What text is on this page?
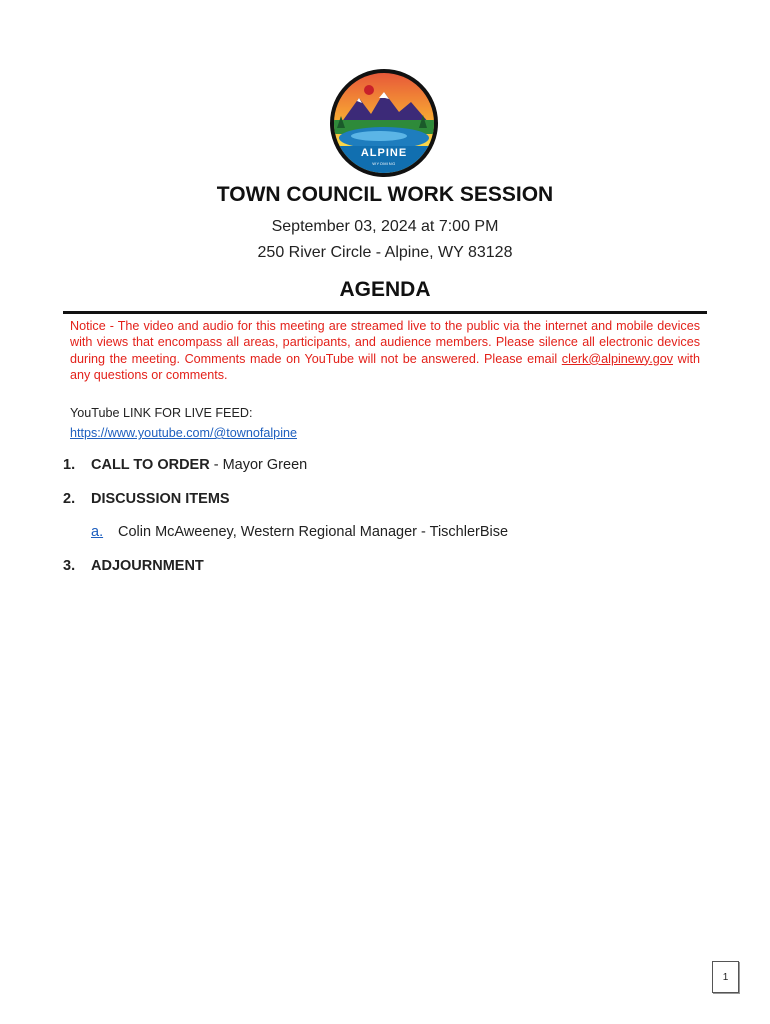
ALPINE
WYOMING
TOWN COUNCIL WORK SESSION
September 03, 2024 at 7:00 PM
250 River Circle - Alpine, WY 83128
AGENDA
Notice - The video and audio for this meeting are streamed live to the public via the internet and mobile devices with views that encompass all areas, participants, and audience members. Please silence all electronic devices during the meeting. Comments made on YouTube will not be answered. Please email clerk@alpinewy.gov with any questions or comments.
YouTube LINK FOR LIVE FEED:
https://www.youtube.com/@townofalpine
1. CALL TO ORDER - Mayor Green
2. DISCUSSION ITEMS
a. Colin McAweeney, Western Regional Manager - TischlerBise
3. ADJOURNMENT
1
